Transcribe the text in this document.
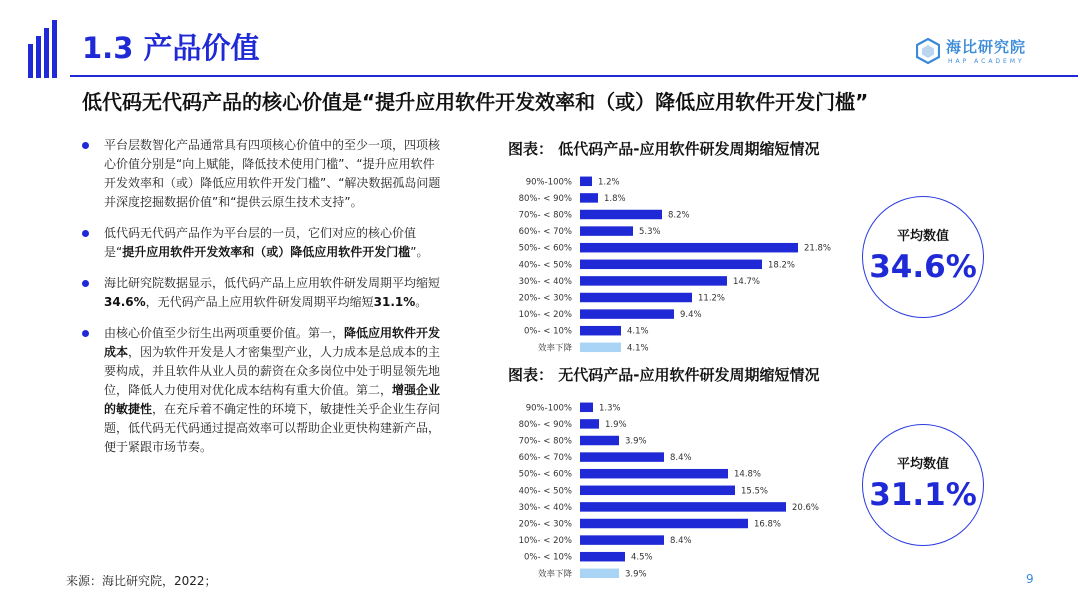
1.3 产品价值	海比研究院
HAP ACADEMY
低代码无代码产品的核心价值是“提升应用软件开发效率和（或）降低应用软件开发门槛”
平台层数智化产品通常具有四项核心价值中的至少一项，四项核心价值分别是“向上赋能，降低技术使用门槛”、“提升应用软件开发效率和（或）降低应用软件开发门槛”、“解决数据孤岛问题并深度挖掘数据价值”和“提供云原生技术支持”。
低代码无代码产品作为平台层的一员，它们对应的核心价值是“提升应用软件开发效率和（或）降低应用软件开发门槛”。
海比研究院数据显示，低代码产品上应用软件研发周期平均缩短34.6%，无代码产品上应用软件研发周期平均缩短31.1%。
由核心价值至少衍生出两项重要价值。第一，降低应用软件开发成本，因为软件开发是人才密集型产业，人力成本是总成本的主要构成，并且软件从业人员的薪资在众多岗位中处于明显领先地位，降低人力使用对优化成本结构有重大价值。第二，增强企业的敏捷性，在充斥着不确定性的环境下，敏捷性关乎企业生存问题，低代码无代码通过提高效率可以帮助企业更快构建新产品，便于紧跟市场节奏。
图表： 低代码产品-应用软件研发周期缩短情况
90%-100%	1.2%
80%- < 90%	1.8%
70%- < 80%	8.2%
60%- < 70%	5.3%
50%- < 60%	21.8%
40%- < 50%	18.2%
30%- < 40%	14.7%
20%- < 30%	11.2%
10%- < 20%	9.4%
0%- < 10%	4.1%
效率下降	4.1%
平均数值
34.6%
图表： 无代码产品-应用软件研发周期缩短情况
90%-100%	1.3%
80%- < 90%	1.9%
70%- < 80%	3.9%
60%- < 70%	8.4%
50%- < 60%	14.8%
40%- < 50%	15.5%
30%- < 40%	20.6%
20%- < 30%	16.8%
10%- < 20%	8.4%
0%- < 10%	4.5%
效率下降	3.9%
平均数值
31.1%
来源：海比研究院，2022；	9
